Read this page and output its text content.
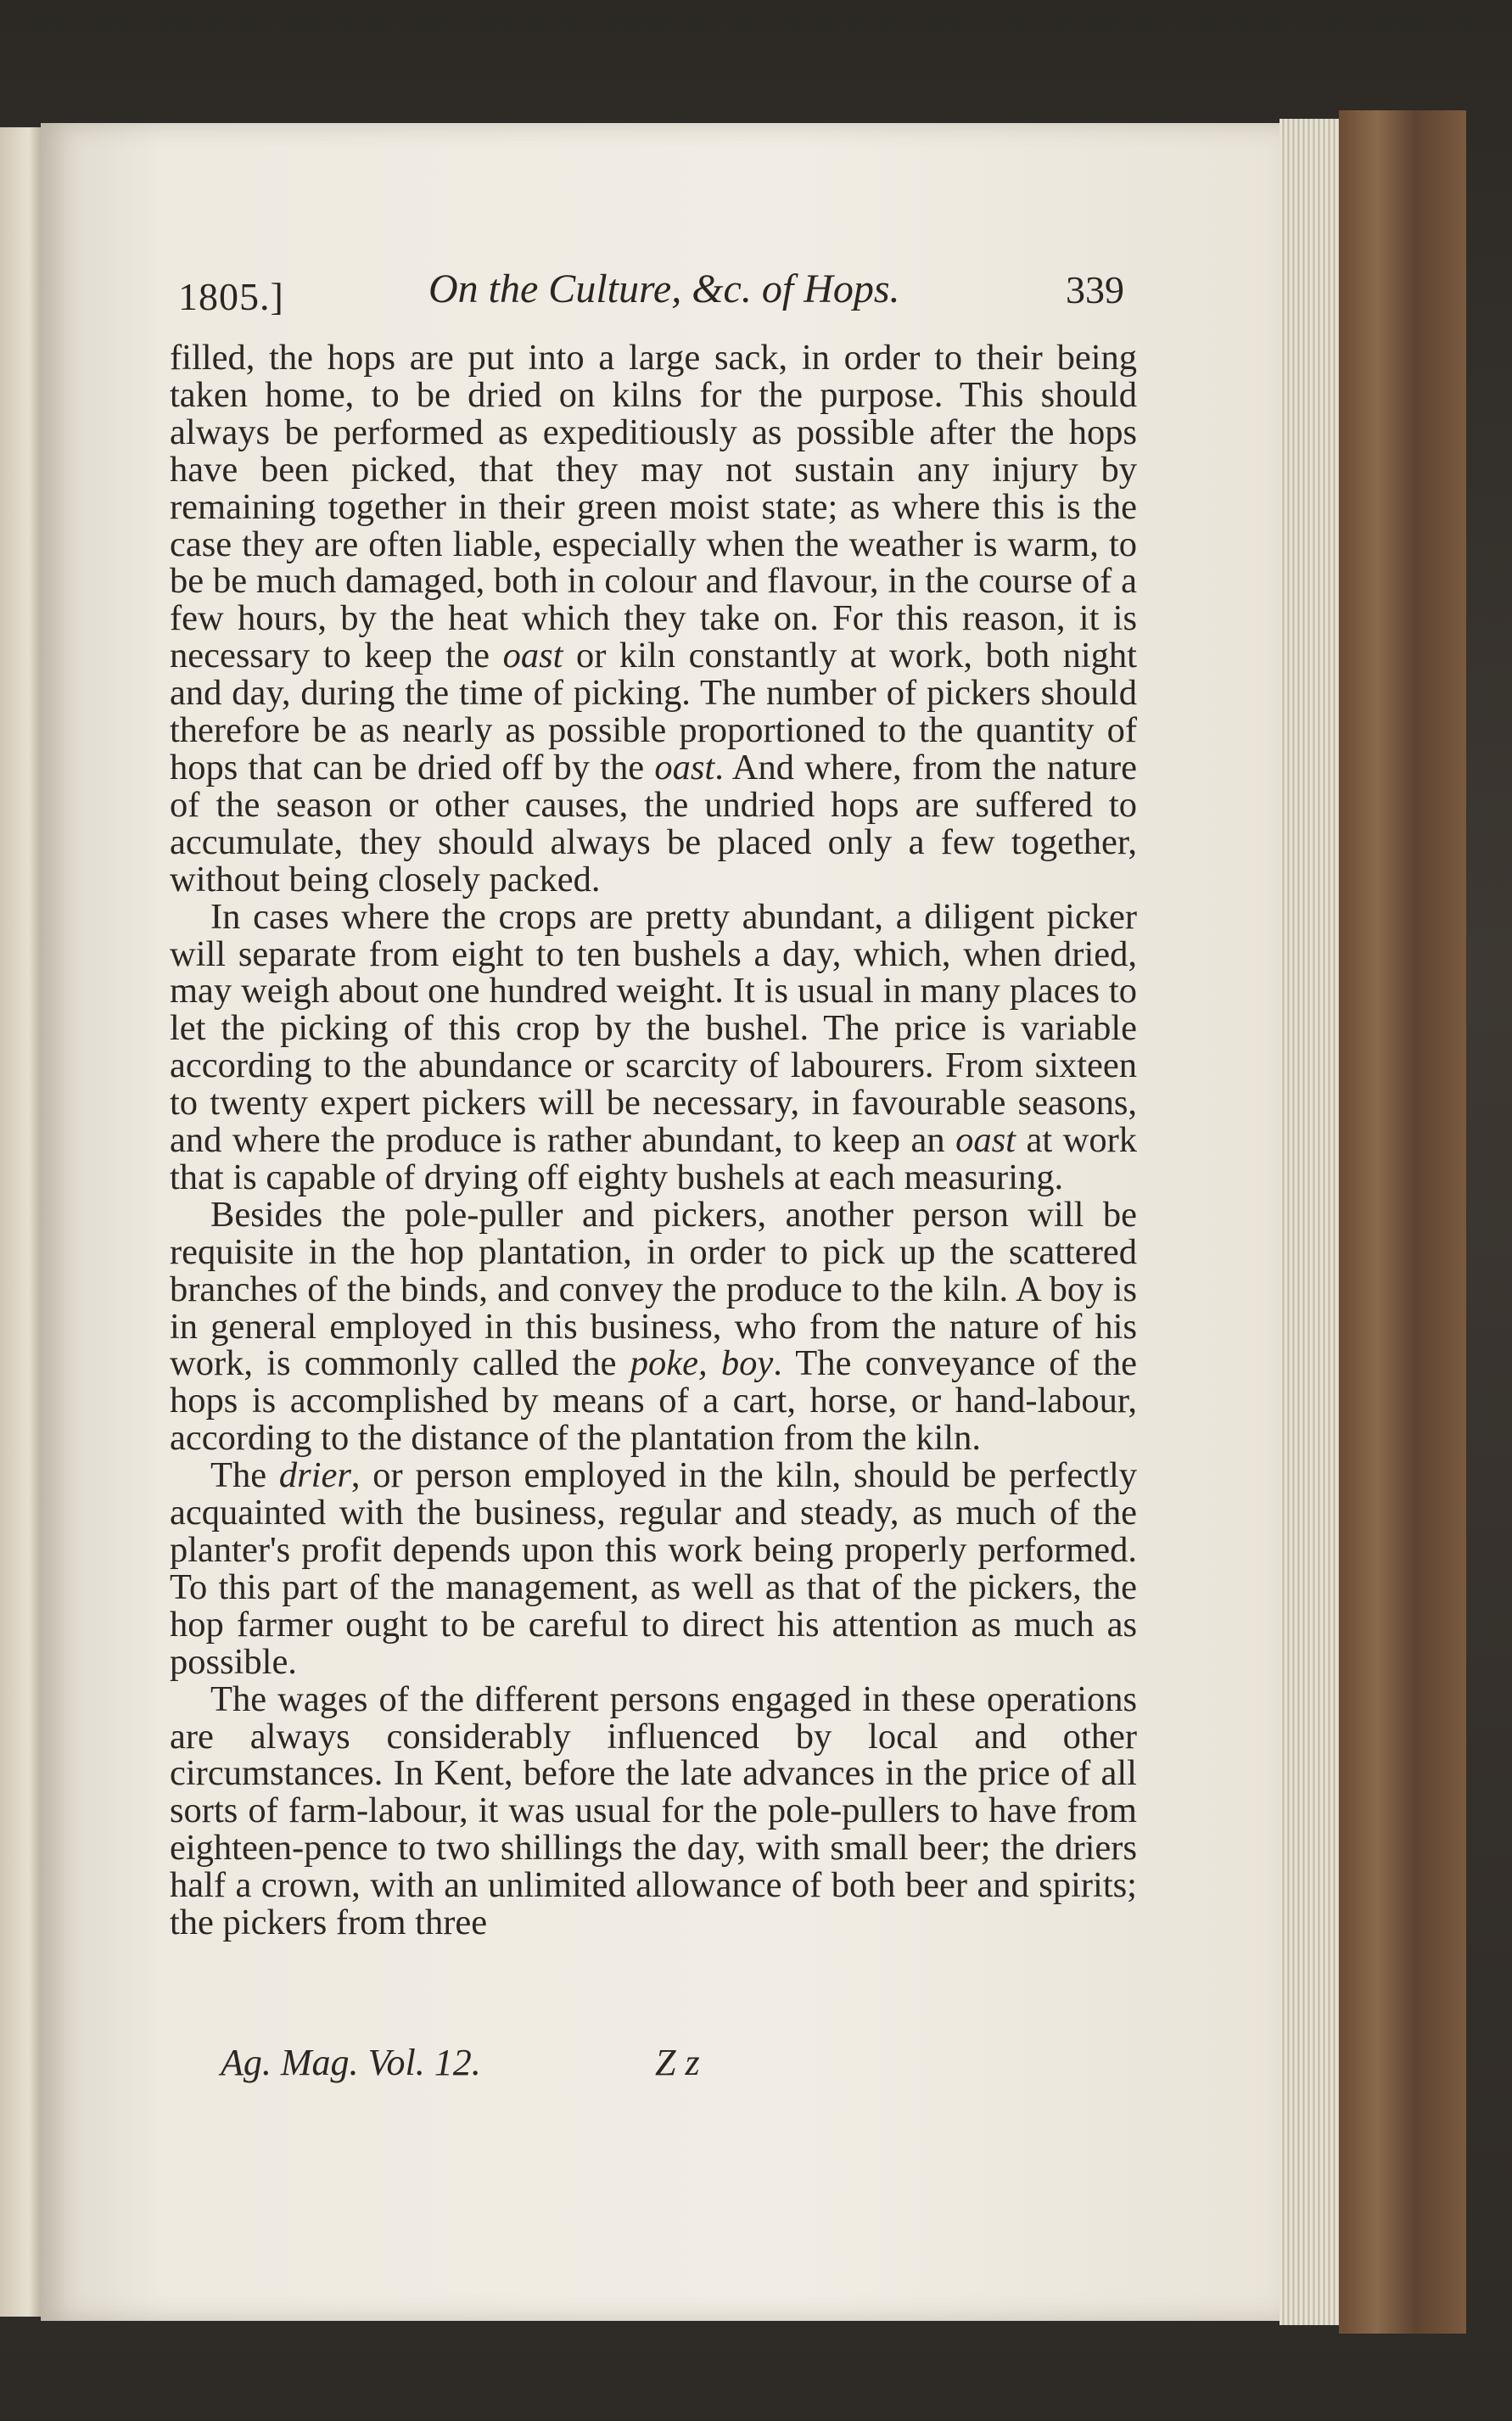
1805.]	On the Culture, &c. of Hops.	339

filled, the hops are put into a large sack, in order to their being taken home, to be dried on kilns for the purpose. This should always be performed as expeditiously as possible after the hops have been picked, that they may not sustain any injury by remaining together in their green moist state; as where this is the case they are often liable, especially when the weather is warm, to be be much damaged, both in colour and flavour, in the course of a few hours, by the heat which they take on. For this reason, it is necessary to keep the oast or kiln constantly at work, both night and day, during the time of picking. The number of pickers should therefore be as nearly as possible proportioned to the quantity of hops that can be dried off by the oast. And where, from the nature of the season or other causes, the undried hops are suffered to accumulate, they should always be placed only a few together, without being closely packed.

In cases where the crops are pretty abundant, a diligent picker will separate from eight to ten bushels a day, which, when dried, may weigh about one hundred weight. It is usual in many places to let the picking of this crop by the bushel. The price is variable according to the abundance or scarcity of labourers. From sixteen to twenty expert pickers will be necessary, in favourable seasons, and where the produce is rather abundant, to keep an oast at work that is capable of drying off eighty bushels at each measuring.

Besides the pole-puller and pickers, another person will be requisite in the hop plantation, in order to pick up the scattered branches of the binds, and convey the produce to the kiln. A boy is in general employed in this business, who from the nature of his work, is commonly called the poke, boy. The conveyance of the hops is accomplished by means of a cart, horse, or hand-labour, according to the distance of the plantation from the kiln.

The drier, or person employed in the kiln, should be perfectly acquainted with the business, regular and steady, as much of the planter's profit depends upon this work being properly performed. To this part of the management, as well as that of the pickers, the hop farmer ought to be careful to direct his attention as much as possible.

The wages of the different persons engaged in these operations are always considerably influenced by local and other circumstances. In Kent, before the late advances in the price of all sorts of farm-labour, it was usual for the pole-pullers to have from eighteen-pence to two shillings the day, with small beer; the driers half a crown, with an unlimited allowance of both beer and spirits; the pickers from three

Ag. Mag. Vol. 12.	Z z
